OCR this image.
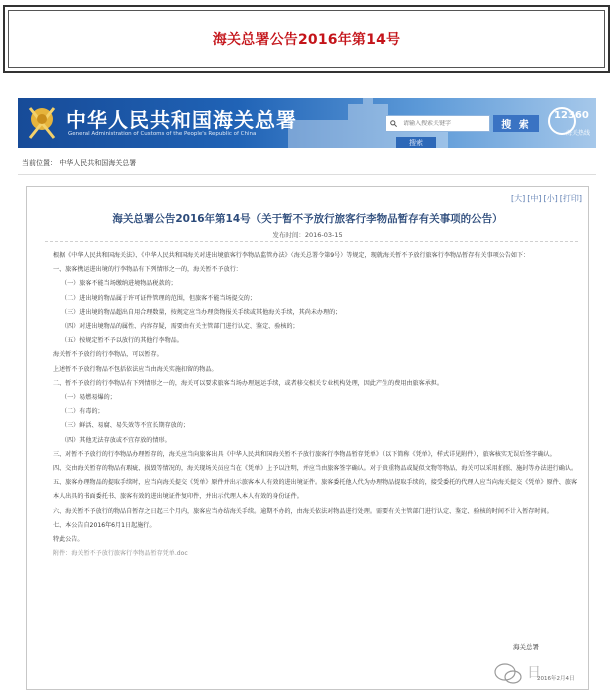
海关总署公告2016年第14号
中华人民共和国海关总署
General Administration of Customs of the People's Republic of China
请输入搜索关键字
搜 索
搜索
12360
海关热线
当前位置： 中华人民共和国海关总署
[大] [中] [小] [打印]
海关总署公告2016年第14号（关于暂不予放行旅客行李物品暂存有关事项的公告）
发布时间：2016-03-15

根据《中华人民共和国海关法》、《中华人民共和国海关对进出境旅客行李物品监管办法》（海关总署令第9号）等规定，现就海关暂不予放行旅客行李物品暂存有关事项公告如下：

一、旅客携运进出境的行李物品有下列情形之一的，海关暂不予放行：

（一）旅客不能当场缴纳进境物品税款的；

（二）进出境的物品属于许可证件管理的范围，但旅客不能当场提交的；

（三）进出境的物品超出自用合理数量，按规定应当办理货物报关手续或其他海关手续，其尚未办理的；

（四）对进出境物品的属性、内容存疑，需要由有关主管部门进行认定、鉴定、验核的；

（五）按规定暂不予以放行的其他行李物品。

海关暂不予放行的行李物品，可以暂存。

上述暂不予放行物品不包括依法应当由海关实施扣留的物品。

二、暂不予放行的行李物品有下列情形之一的，海关可以要求旅客当场办理退运手续，或者移交相关专业机构处理，因此产生的费用由旅客承担。

（一）易燃易爆的；

（二）有毒的；

（三）鲜活、易腐、易失效等不宜长期存放的；

（四）其他无法存放或不宜存放的情形。

三、对暂不予放行的行李物品办理暂存的，海关应当向旅客出具《中华人民共和国海关暂不予放行旅客行李物品暂存凭单》（以下简称《凭单》，样式详见附件），旅客核实无误后签字确认。

四、交由海关暂存的物品有瑕疵、损毁等情况的，海关现场关员应当在《凭单》上予以注明，并应当由旅客签字确认。对于贵重物品或疑似文物等物品，海关可以采用拍照、施封等办法进行确认。

五、旅客办理物品的提取手续时，应当向海关提交《凭单》原件并出示旅客本人有效的进出境证件。旅客委托他人代为办理物品提取手续的，接受委托的代理人应当向海关提交《凭单》原件、旅客本人出具的书面委托书、旅客有效的进出境证件复印件，并出示代理人本人有效的身份证件。

六、海关暂不予放行的物品自暂存之日起三个月内，旅客应当办结海关手续。逾期不办的，由海关依法对物品进行处理。需要有关主管部门进行认定、鉴定、验核的时间不计入暂存时间。

七、本公告自2016年6月1日起施行。

特此公告。

附件：海关暂不予放行旅客行李物品暂存凭单.doc

海关总署
日
2016年2月4日
